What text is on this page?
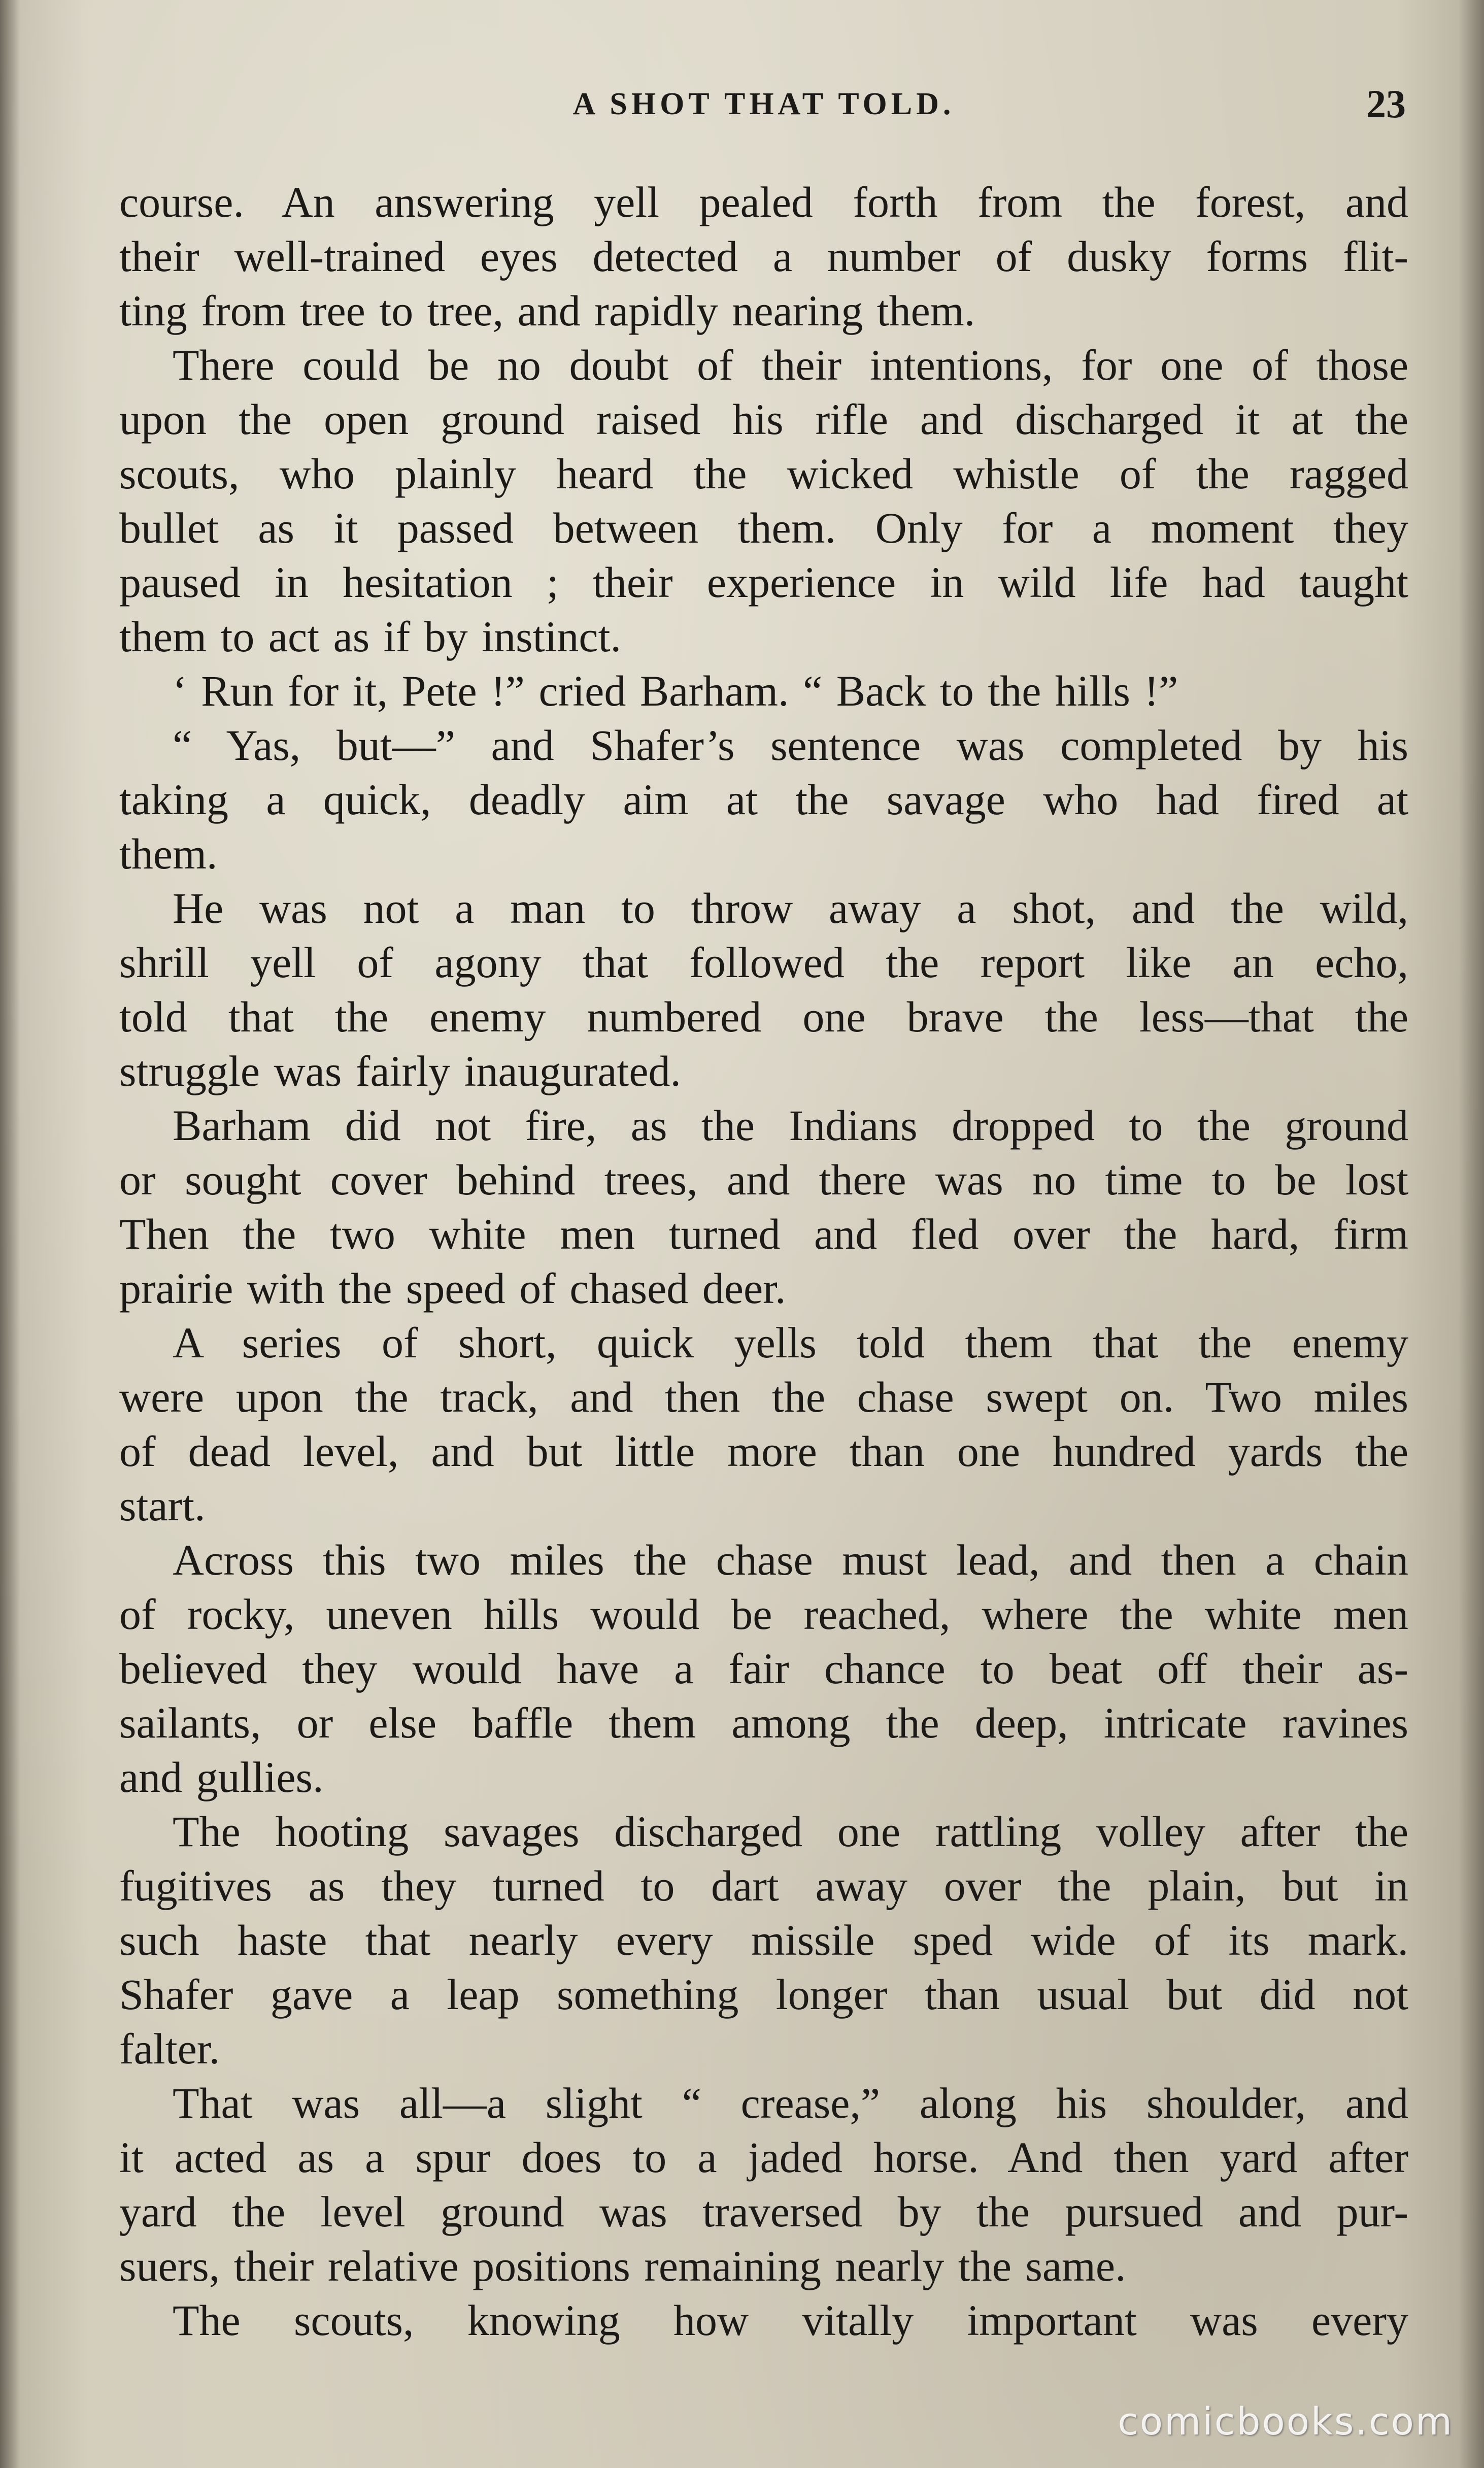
A SHOT THAT TOLD.	23
course. An answering yell pealed forth from the forest, and
their well-trained eyes detected a number of dusky forms flit-
ting from tree to tree, and rapidly nearing them.
There could be no doubt of their intentions, for one of those
upon the open ground raised his rifle and discharged it at the
scouts, who plainly heard the wicked whistle of the ragged
bullet as it passed between them. Only for a moment they
paused in hesitation ; their experience in wild life had taught
them to act as if by instinct.
‘ Run for it, Pete !” cried Barham. “ Back to the hills !”
“ Yas, but—” and Shafer’s sentence was completed by his
taking a quick, deadly aim at the savage who had fired at
them.
He was not a man to throw away a shot, and the wild,
shrill yell of agony that followed the report like an echo,
told that the enemy numbered one brave the less—that the
struggle was fairly inaugurated.
Barham did not fire, as the Indians dropped to the ground
or sought cover behind trees, and there was no time to be lost
Then the two white men turned and fled over the hard, firm
prairie with the speed of chased deer.
A series of short, quick yells told them that the enemy
were upon the track, and then the chase swept on. Two miles
of dead level, and but little more than one hundred yards the
start.
Across this two miles the chase must lead, and then a chain
of rocky, uneven hills would be reached, where the white men
believed they would have a fair chance to beat off their as-
sailants, or else baffle them among the deep, intricate ravines
and gullies.
The hooting savages discharged one rattling volley after the
fugitives as they turned to dart away over the plain, but in
such haste that nearly every missile sped wide of its mark.
Shafer gave a leap something longer than usual but did not
falter.
That was all—a slight “ crease,” along his shoulder, and
it acted as a spur does to a jaded horse. And then yard after
yard the level ground was traversed by the pursued and pur-
suers, their relative positions remaining nearly the same.
The scouts, knowing how vitally important was every
comicbooks.com
